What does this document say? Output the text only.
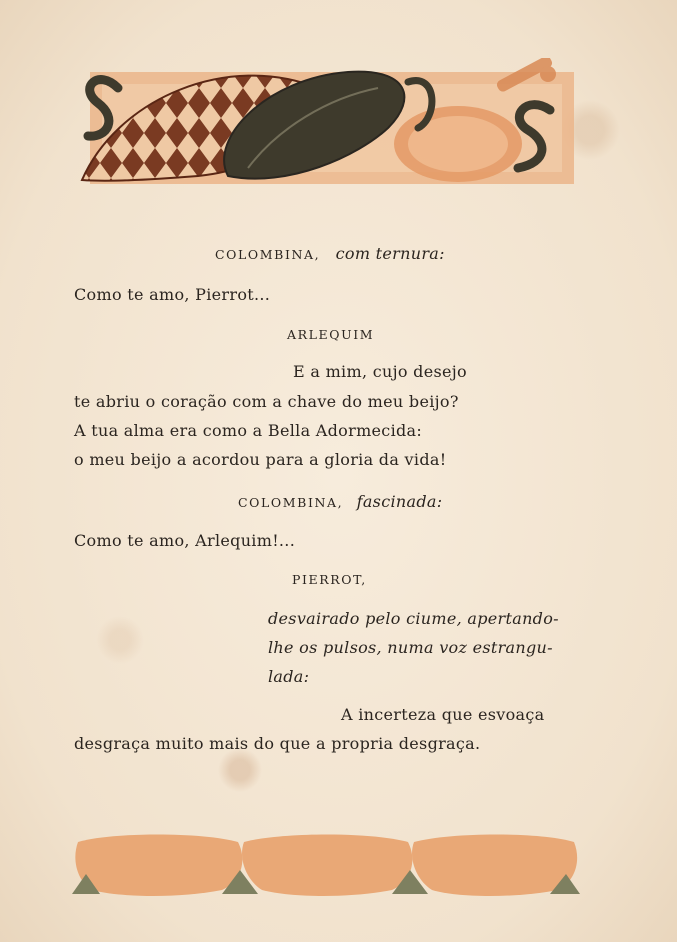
COLOMBINA, com ternura:

Como te amo, Pierrot...

ARLEQUIM

E a mim, cujo desejo

te abriu o coração com a chave do meu beijo?

A tua alma era como a Bella Adormecida:

o meu beijo a acordou para a gloria da vida!

COLOMBINA, fascinada:

Como te amo, Arlequim!...

PIERROT,

desvairado pelo ciume, apertando-

lhe os pulsos, numa voz estrangu-

lada:

A incerteza que esvoaça

desgraça muito mais do que a propria desgraça.
